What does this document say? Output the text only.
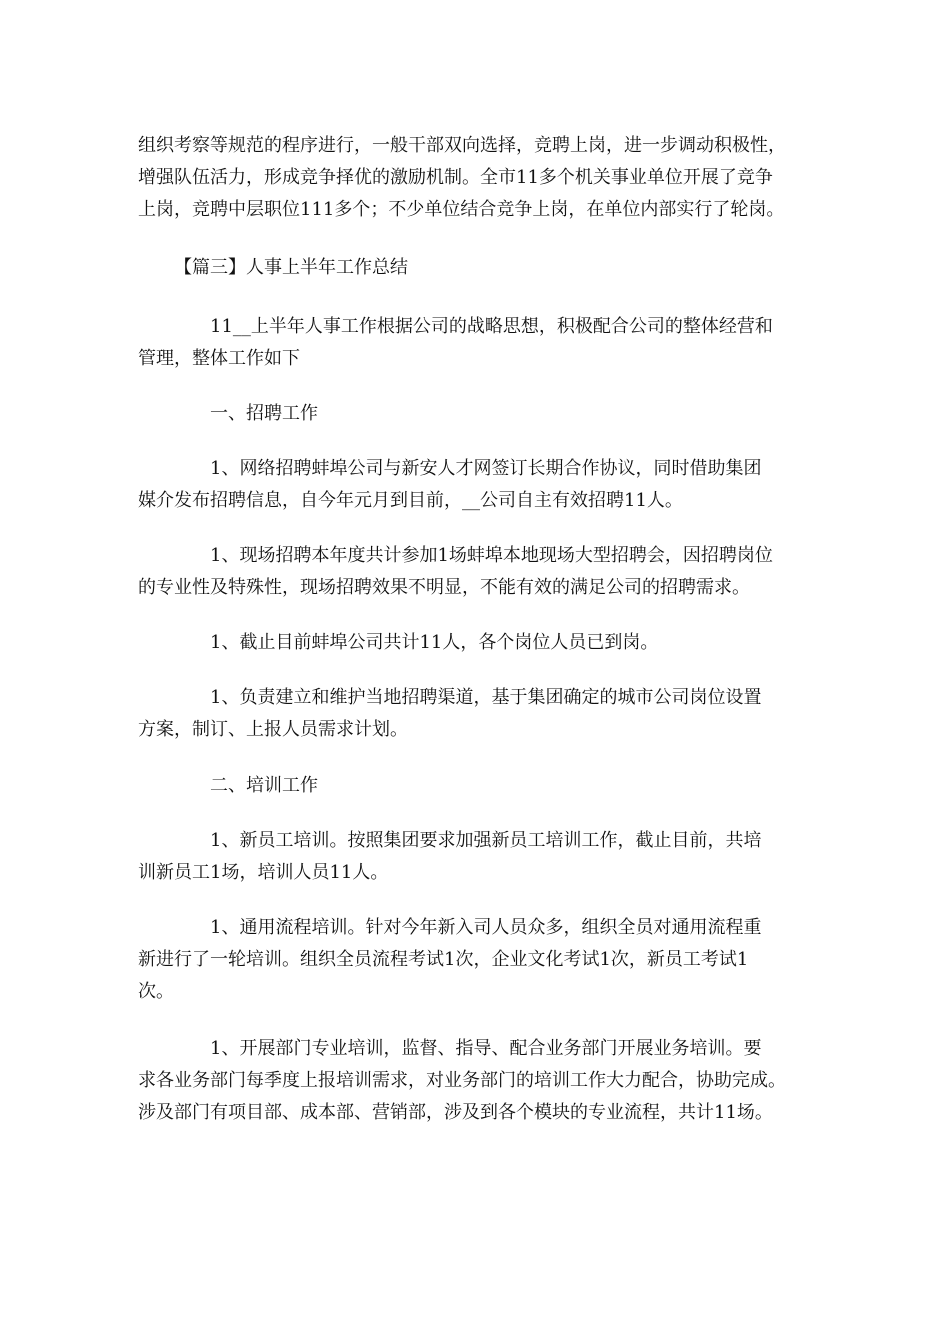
组织考察等规范的程序进行，一般干部双向选择，竞聘上岗，进一步调动积极性，
增强队伍活力，形成竞争择优的激励机制。全市11多个机关事业单位开展了竞争
上岗，竞聘中层职位111多个；不少单位结合竞争上岗，在单位内部实行了轮岗。

【篇三】人事上半年工作总结

11__上半年人事工作根据公司的战略思想，积极配合公司的整体经营和
管理，整体工作如下

一、招聘工作

1、网络招聘蚌埠公司与新安人才网签订长期合作协议，同时借助集团
媒介发布招聘信息，自今年元月到目前，__公司自主有效招聘11人。

1、现场招聘本年度共计参加1场蚌埠本地现场大型招聘会，因招聘岗位
的专业性及特殊性，现场招聘效果不明显，不能有效的满足公司的招聘需求。

1、截止目前蚌埠公司共计11人，各个岗位人员已到岗。

1、负责建立和维护当地招聘渠道，基于集团确定的城市公司岗位设置
方案，制订、上报人员需求计划。

二、培训工作

1、新员工培训。按照集团要求加强新员工培训工作，截止目前，共培
训新员工1场，培训人员11人。

1、通用流程培训。针对今年新入司人员众多，组织全员对通用流程重
新进行了一轮培训。组织全员流程考试1次，企业文化考试1次，新员工考试1
次。

1、开展部门专业培训，监督、指导、配合业务部门开展业务培训。要
求各业务部门每季度上报培训需求，对业务部门的培训工作大力配合，协助完成。
涉及部门有项目部、成本部、营销部，涉及到各个模块的专业流程，共计11场。
